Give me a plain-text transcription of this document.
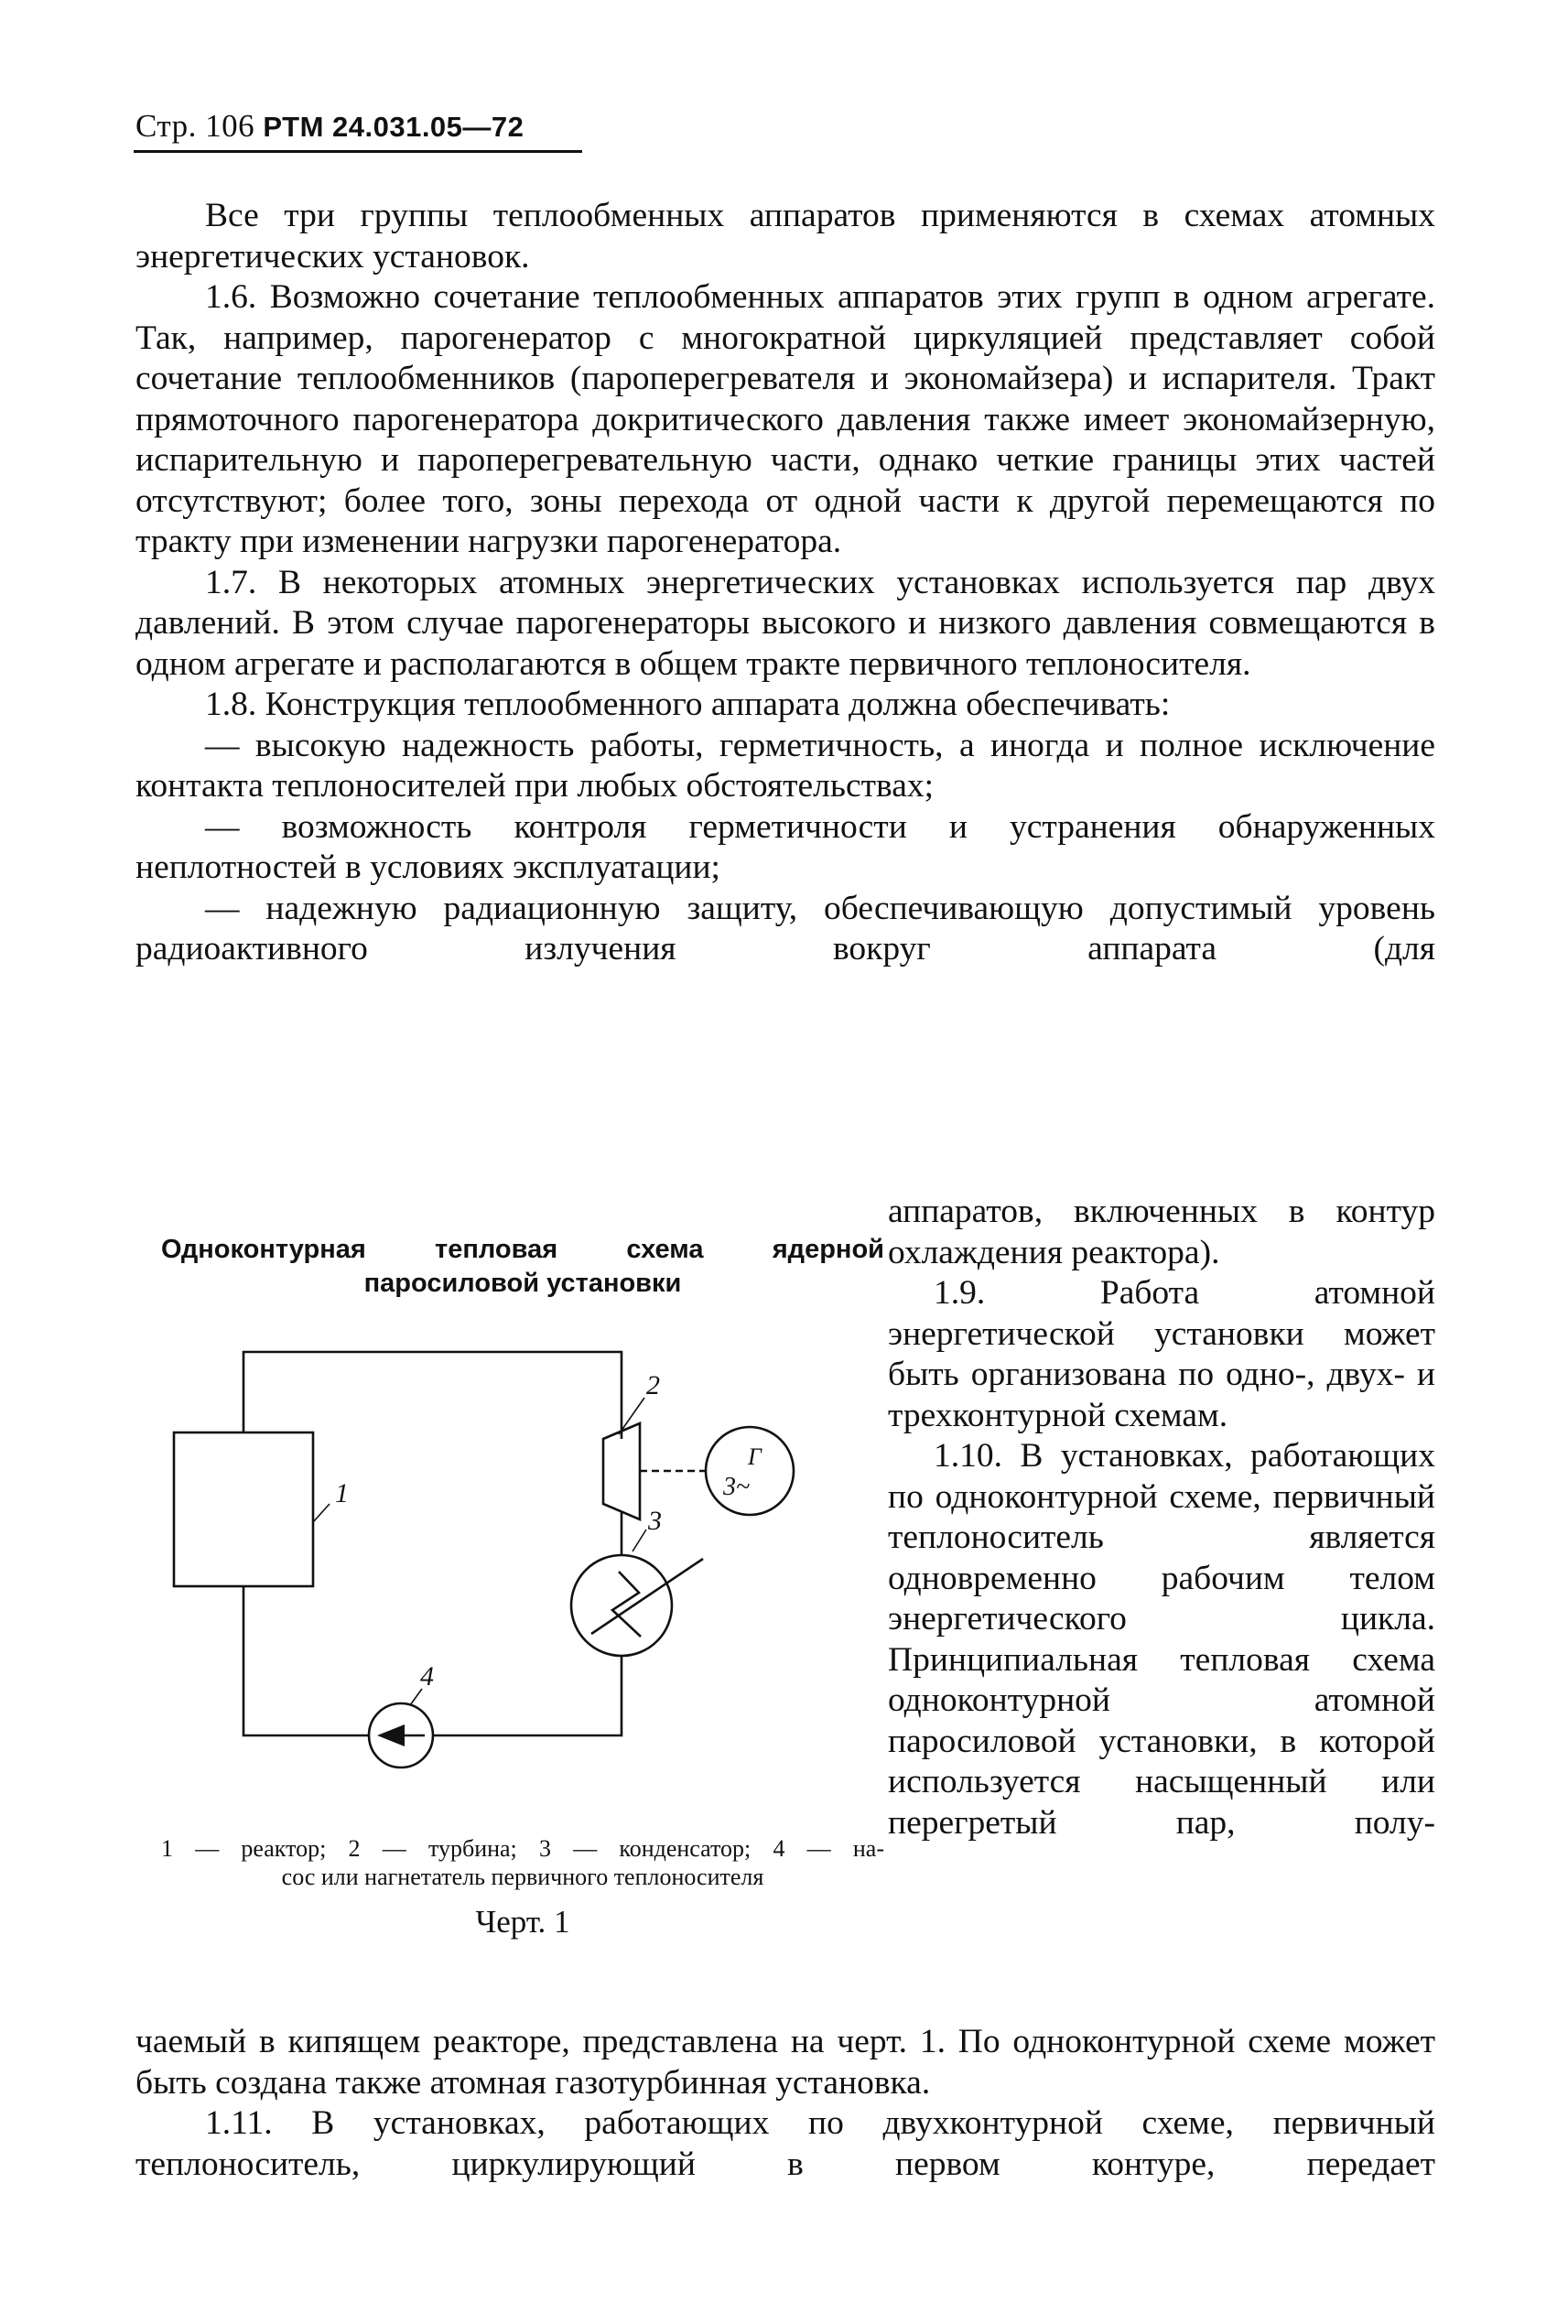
Стр. 106 РТМ 24.031.05—72

Все три группы теплообменных аппаратов применяются в схемах атомных энергетических установок.

1.6. Возможно сочетание теплообменных аппаратов этих групп в одном агрегате. Так, например, парогенератор с многократной циркуляцией представляет собой сочетание теплообменников (пароперегревателя и экономайзера) и испарителя. Тракт прямоточного парогенератора докритического давления также имеет экономайзерную, испарительную и пароперегревательную части, однако четкие границы этих частей отсутствуют; более того, зоны перехода от одной части к другой перемещаются по тракту при изменении нагрузки парогенератора.

1.7. В некоторых атомных энергетических установках используется пар двух давлений. В этом случае парогенераторы высокого и низкого давления совмещаются в одном агрегате и располагаются в общем тракте первичного теплоносителя.

1.8. Конструкция теплообменного аппарата должна обеспечивать:

— высокую надежность работы, герметичность, а иногда и полное исключение контакта теплоносителей при любых обстоятельствах;

— возможность контроля герметичности и устранения обнаруженных неплотностей в условиях эксплуатации;

— надежную радиационную защиту, обеспечивающую допустимый уровень радиоактивного излучения вокруг аппарата (для

аппаратов, включенных в контур охлаждения реактора).

1.9. Работа атомной энергетической установки может быть организована по одно-, двух- и трехконтурной схемам.

1.10. В установках, работающих по одноконтурной схеме, первичный теплоноситель является одновременно рабочим телом энергетического цикла. Принципиальная тепловая схема одноконтурной атомной паросиловой установки, в которой используется насыщенный или перегретый пар, полу-

Одноконтурная тепловая схема ядерной
паросиловой установки
1
2
3
4
Г
3~
1 — реактор; 2 — турбина; 3 — конденсатор; 4 — на-
сос или нагнетатель первичного теплоносителя
Черт. 1

чаемый в кипящем реакторе, представлена на черт. 1. По одноконтурной схеме может быть создана также атомная газотурбинная установка.

1.11. В установках, работающих по двухконтурной схеме, первичный теплоноситель, циркулирующий в первом контуре, передает
